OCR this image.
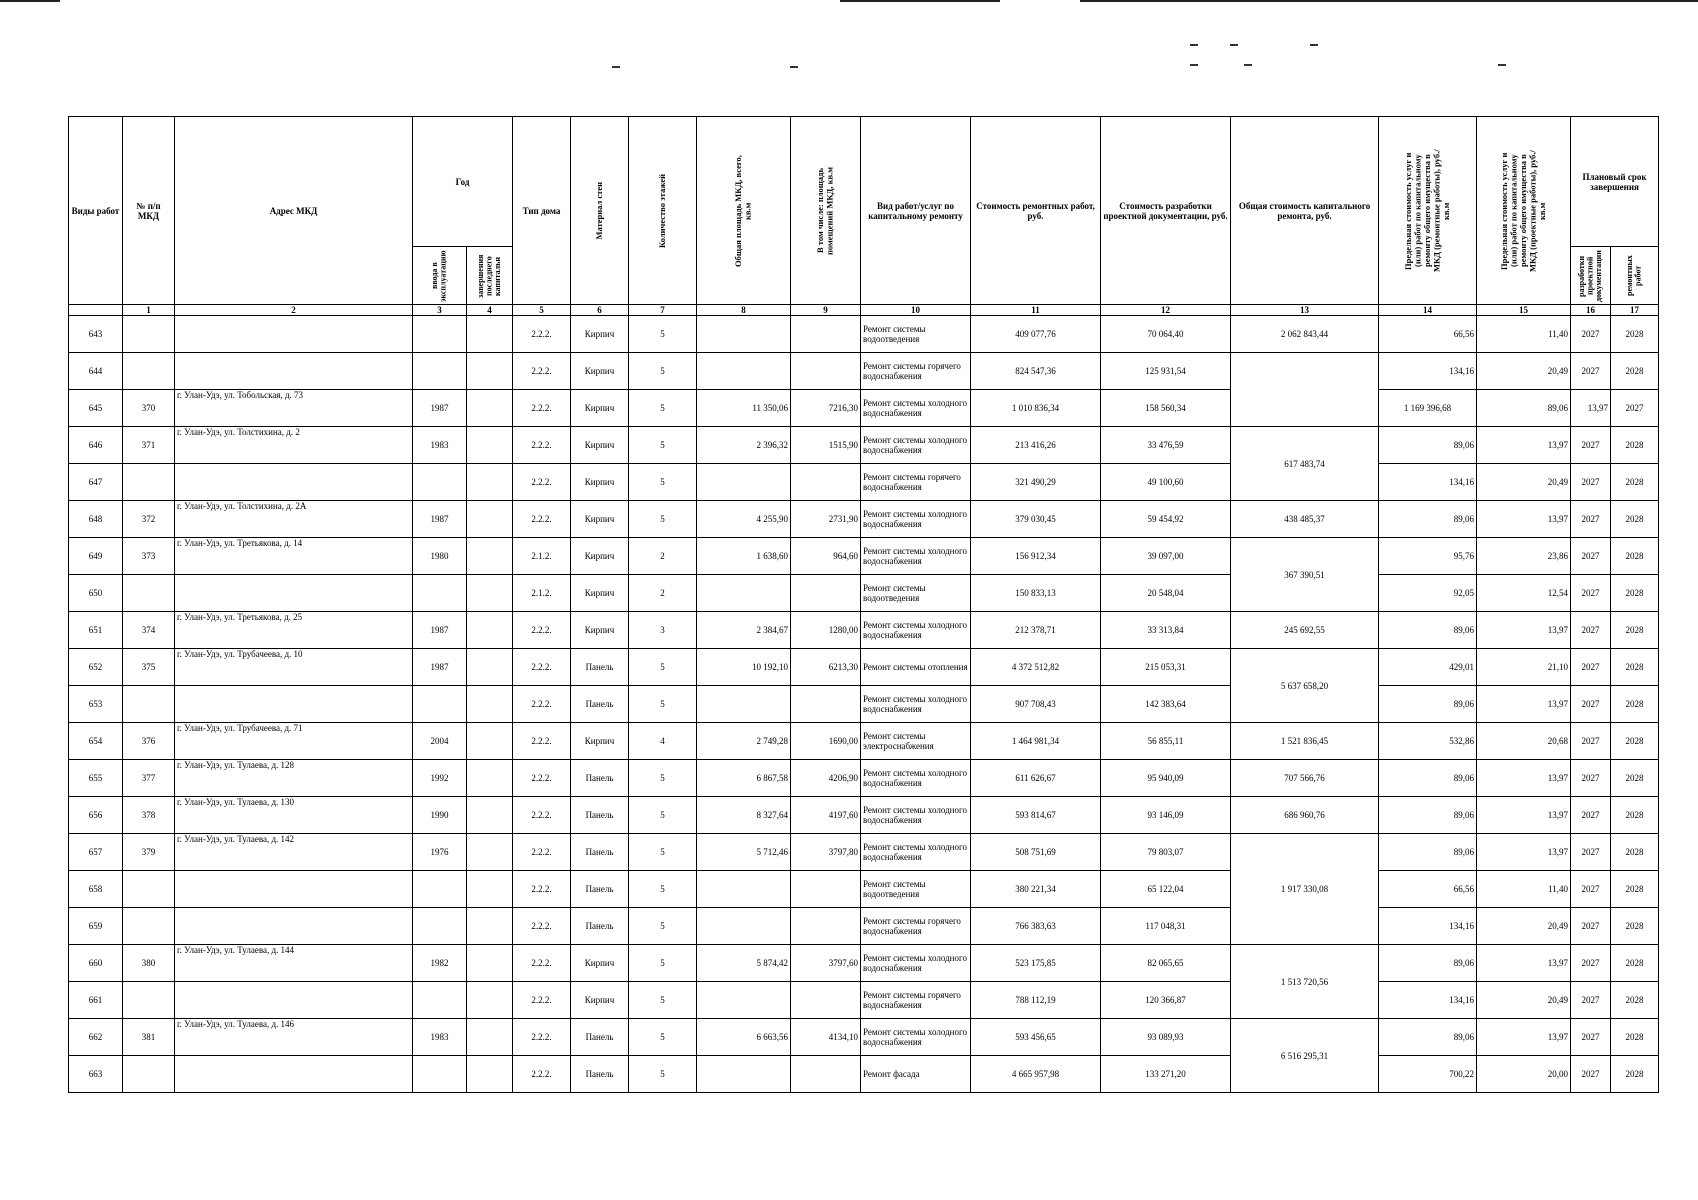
Виды работ	№ п/п МКД	Адрес МКД	Год		Тип дома	Материал стен	Количество этажей	Общая площадь МКД, всего, кв.м	В том числе: площадь помещений МКД, кв.м	Вид работ/услуг по капитальному ремонту	Стоимость ремонтных работ, руб.	Стоимость разработки проектной документации, руб.	Общая стоимость капитального ремонта, руб.	Предельная стоимость услуг и (или) работ по капитальному ремонту общего имущества в МКД (ремонтные работы), руб./кв.м	Предельная стоимость услуг и (или) работ по капитальному ремонту общего имущества в МКД (проектные работы), руб./кв.м	Плановый срок завершения		

			ввода в эксплуатацию	завершения последнего капитальн												разработки проектной документации	ремонтных работ	

	1	2	3	4	5	6	7	8	9	10	11	12	13	14	15	16	17	
643					2.2.2.	Кирпич	5			Ремонт системы водоотведения	409 077,76	70 064,40	2 062 843,44	66,56	11,40	2027	2028	
644					2.2.2.	Кирпич	5			Ремонт системы горячего водоснабжения	824 547,36	125 931,54		134,16	20,49	2027	2028	
645	370	г. Улан-Удэ, ул. Тобольская, д. 73	1987		2.2.2.	Кирпич	5	11 350,06	7216,30	Ремонт системы холодного водоснабжения	1 010 836,34	158 560,34		1 169 396,68	89,06	13,97	2027	
646	371	г. Улан-Удэ, ул. Толстихина, д. 2	1983		2.2.2.	Кирпич	5	2 396,32	1515,90	Ремонт системы холодного водоснабжения	213 416,26	33 476,59	617 483,74	89,06	13,97	2027	2028	
647					2.2.2.	Кирпич	5			Ремонт системы горячего водоснабжения	321 490,29	49 100,60		134,16	20,49	2027	2028	
648	372	г. Улан-Удэ, ул. Толстихина, д. 2А	1987		2.2.2.	Кирпич	5	4 255,90	2731,90	Ремонт системы холодного водоснабжения	379 030,45	59 454,92	438 485,37	89,06	13,97	2027	2028	
649	373	г. Улан-Удэ, ул. Третьякова, д. 14	1980		2.1.2.	Кирпич	2	1 638,60	964,60	Ремонт системы холодного водоснабжения	156 912,34	39 097,00	367 390,51	95,76	23,86	2027	2028	
650					2.1.2.	Кирпич	2			Ремонт системы водоотведения	150 833,13	20 548,04		92,05	12,54	2027	2028	
651	374	г. Улан-Удэ, ул. Третьякова, д. 25	1987		2.2.2.	Кирпич	3	2 384,67	1280,00	Ремонт системы холодного водоснабжения	212 378,71	33 313,84	245 692,55	89,06	13,97	2027	2028	
652	375	г. Улан-Удэ, ул. Трубачеева, д. 10	1987		2.2.2.	Панель	5	10 192,10	6213,30	Ремонт системы отопления	4 372 512,82	215 053,31	5 637 658,20	429,01	21,10	2027	2028	
653					2.2.2.	Панель	5			Ремонт системы холодного водоснабжения	907 708,43	142 383,64		89,06	13,97	2027	2028	
654	376	г. Улан-Удэ, ул. Трубачеева, д. 71	2004		2.2.2.	Кирпич	4	2 749,28	1690,00	Ремонт системы электроснабжения	1 464 981,34	56 855,11	1 521 836,45	532,86	20,68	2027	2028	
655	377	г. Улан-Удэ, ул. Тулаева, д. 128	1992		2.2.2.	Панель	5	6 867,58	4206,90	Ремонт системы холодного водоснабжения	611 626,67	95 940,09	707 566,76	89,06	13,97	2027	2028	
656	378	г. Улан-Удэ, ул. Тулаева, д. 130	1990		2.2.2.	Панель	5	8 327,64	4197,60	Ремонт системы холодного водоснабжения	593 814,67	93 146,09	686 960,76	89,06	13,97	2027	2028	
657	379	г. Улан-Удэ, ул. Тулаева, д. 142	1976		2.2.2.	Панель	5	5 712,46	3797,80	Ремонт системы холодного водоснабжения	508 751,69	79 803,07	1 917 330,08	89,06	13,97	2027	2028	
658					2.2.2.	Панель	5			Ремонт системы водоотведения	380 221,34	65 122,04		66,56	11,40	2027	2028	
659					2.2.2.	Панель	5			Ремонт системы горячего водоснабжения	766 383,63	117 048,31		134,16	20,49	2027	2028	
660	380	г. Улан-Удэ, ул. Тулаева, д. 144	1982		2.2.2.	Кирпич	5	5 874,42	3797,60	Ремонт системы холодного водоснабжения	523 175,85	82 065,65	1 513 720,56	89,06	13,97	2027	2028	
661					2.2.2.	Кирпич	5			Ремонт системы горячего водоснабжения	788 112,19	120 366,87		134,16	20,49	2027	2028	
662	381	г. Улан-Удэ, ул. Тулаева, д. 146	1983		2.2.2.	Панель	5	6 663,56	4134,10	Ремонт системы холодного водоснабжения	593 456,65	93 089,93	6 516 295,31	89,06	13,97	2027	2028	
663					2.2.2.	Панель	5			Ремонт фасада	4 665 957,98	133 271,20		700,22	20,00	2027	2028	
